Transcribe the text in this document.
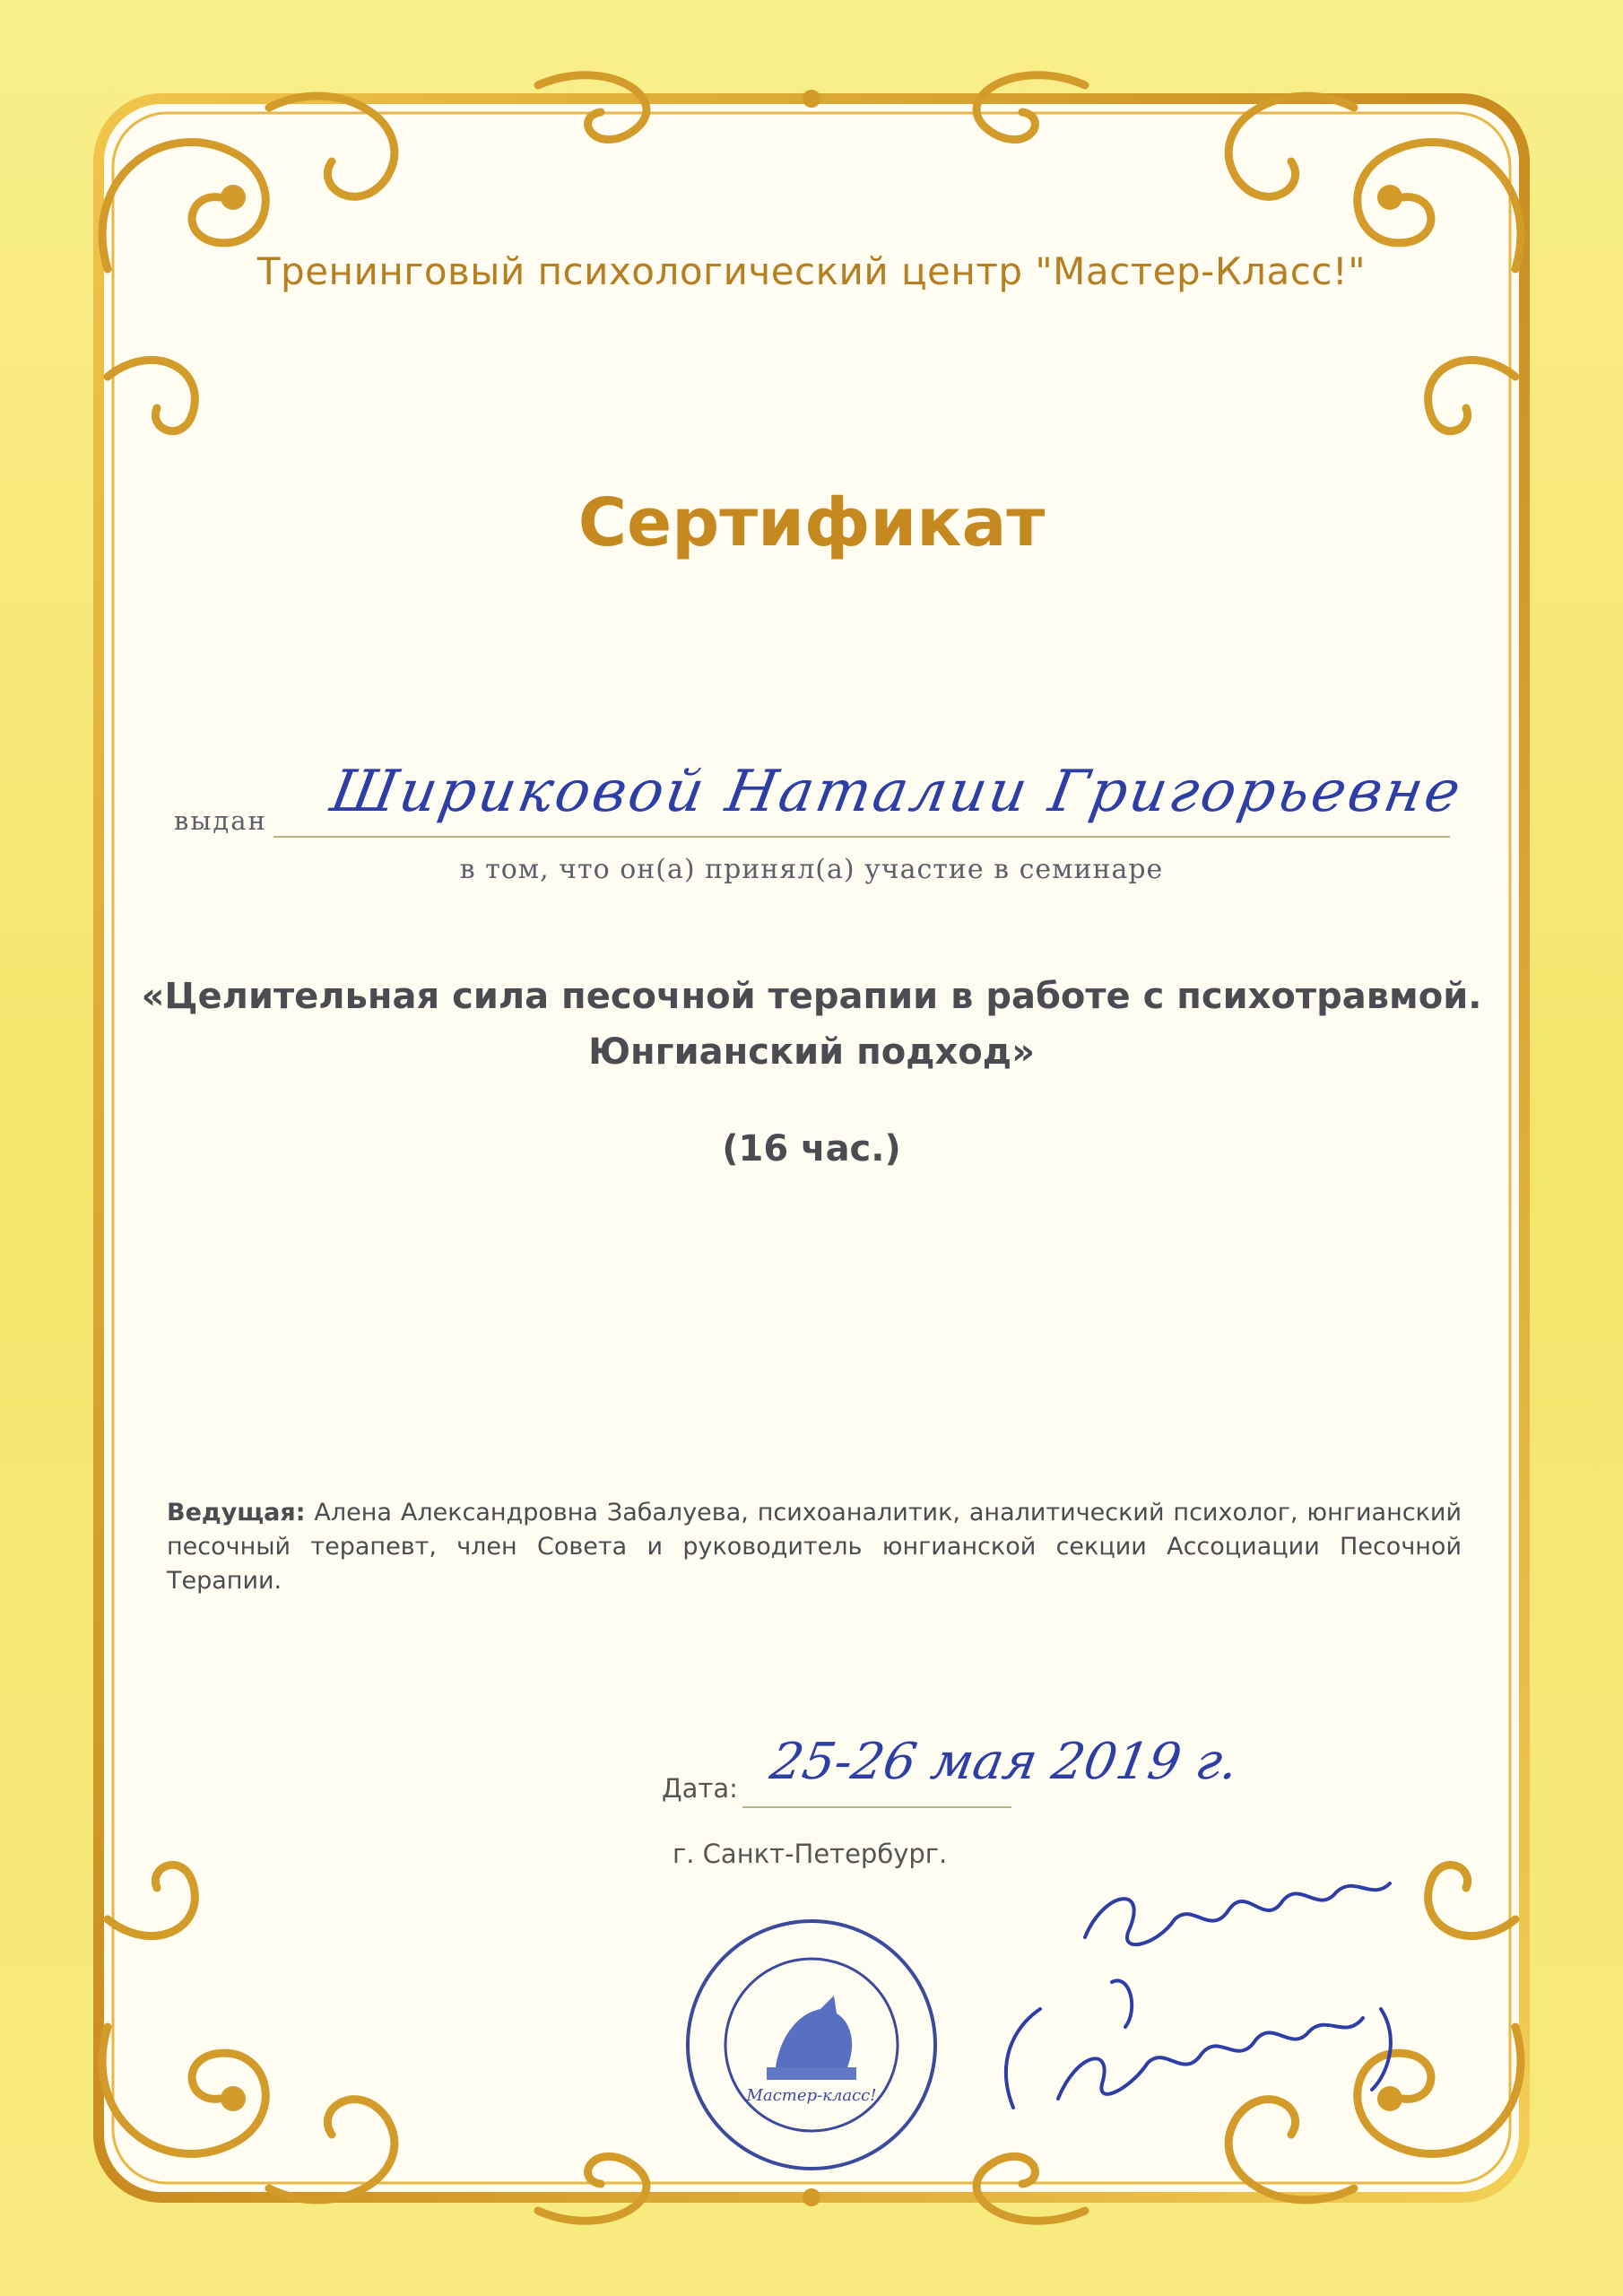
Тренинговый психологический центр "Мастер-Класс!"
Сертификат
выдан Шириковой Наталии Григорьевне
в том, что он(а) принял(а) участие в семинаре
«Целительная сила песочной терапии в работе с психотравмой.
Юнгианский подход»
(16 час.)
Ведущая: Алена Александровна Забалуева, психоаналитик, аналитический психолог, юнгианский песочный терапевт, член Совета и руководитель юнгианской секции Ассоциации Песочной Терапии.
Дата: 25-26 мая 2019 г.
г. Санкт-Петербург.
Мастер-класс!
